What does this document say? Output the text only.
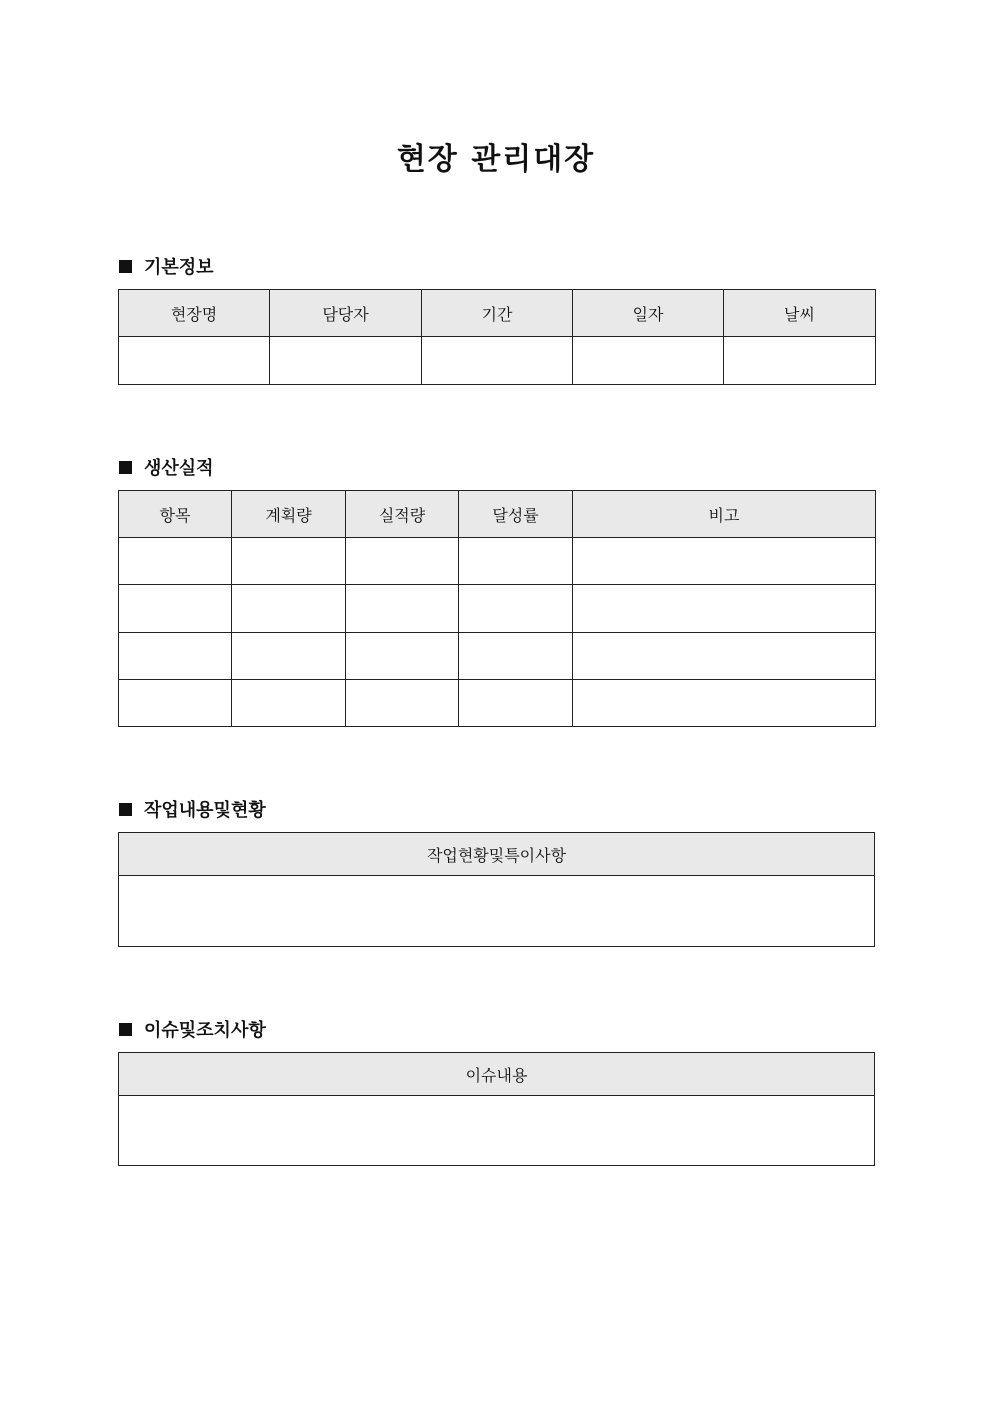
현장 관리대장
기본정보
현장명	담당자	기간	일자	날씨

생산실적
항목	계획량	실적량	달성률	비고

작업내용및현황
작업현황및특이사항

이슈및조치사항
이슈내용
